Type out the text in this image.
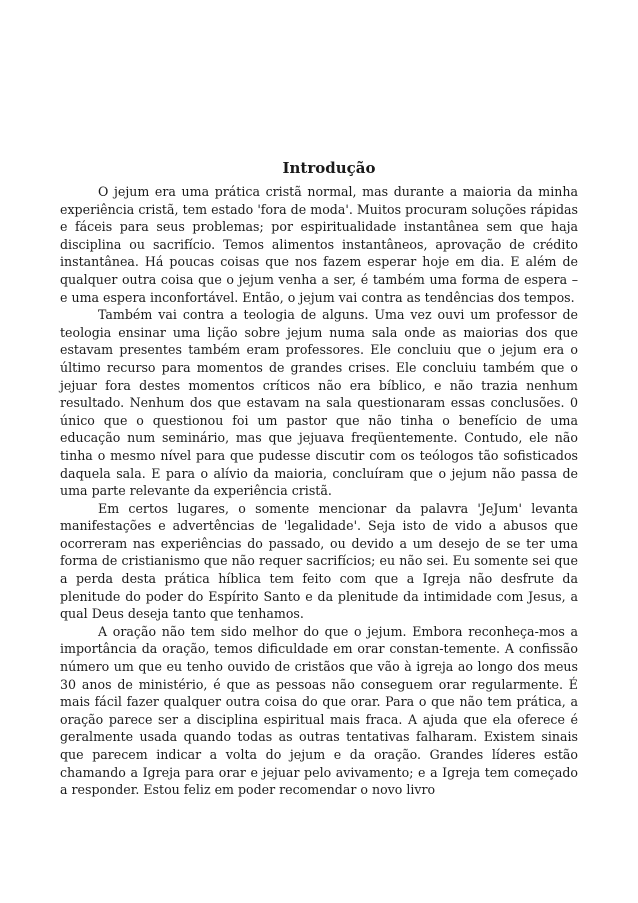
Introdução

O jejum era uma prática cristã normal, mas durante a maioria da minha experiência cristã, tem estado 'fora de moda'. Muitos procuram soluções rápidas e fáceis para seus problemas; por espiritualidade instantânea sem que haja disciplina ou sacrifício. Temos alimentos instantâneos, aprovação de crédito instantânea. Há poucas coisas que nos fazem esperar hoje em dia. E além de qualquer outra coisa que o jejum venha a ser, é também uma forma de espera – e uma espera inconfortável. Então, o jejum vai contra as tendências dos tempos.

Também vai contra a teologia de alguns. Uma vez ouvi um professor de teologia ensinar uma lição sobre jejum numa sala onde as maiorias dos que estavam presentes também eram professores. Ele concluiu que o jejum era o último recurso para momentos de grandes crises. Ele concluiu também que o jejuar fora destes momentos críticos não era bíblico, e não trazia nenhum resultado. Nenhum dos que estavam na sala questionaram essas conclusões. 0 único que o questionou foi um pastor que não tinha o benefício de uma educação num seminário, mas que jejuava freqüentemente. Contudo, ele não tinha o mesmo nível para que pudesse discutir com os teólogos tão sofisticados daquela sala. E para o alívio da maioria, concluíram que o jejum não passa de uma parte relevante da experiência cristã.

Em certos lugares, o somente mencionar da palavra 'JeJum' levanta manifestações e advertências de 'legalidade'. Seja isto de vido a abusos que ocorreram nas experiências do passado, ou devido a um desejo de se ter uma forma de cristianismo que não requer sacrifícios; eu não sei. Eu somente sei que a perda desta prática híblica tem feito com que a Igreja não desfrute da plenitude do poder do Espírito Santo e da plenitude da intimidade com Jesus, a qual Deus deseja tanto que tenhamos.

A oração não tem sido melhor do que o jejum. Embora reconheça-mos a importância da oração, temos dificuldade em orar constan-temente. A confissão número um que eu tenho ouvido de cristãos que vão à igreja ao longo dos meus 30 anos de ministério, é que as pessoas não conseguem orar regularmente. É mais fácil fazer qualquer outra coisa do que orar. Para o que não tem prática, a oração parece ser a disciplina espiritual mais fraca. A ajuda que ela oferece é geralmente usada quando todas as outras tentativas falharam. Existem sinais que parecem indicar a volta do jejum e da oração. Grandes líderes estão chamando a Igreja para orar e jejuar pelo avivamento; e a Igreja tem começado a responder. Estou feliz em poder recomendar o novo livro
